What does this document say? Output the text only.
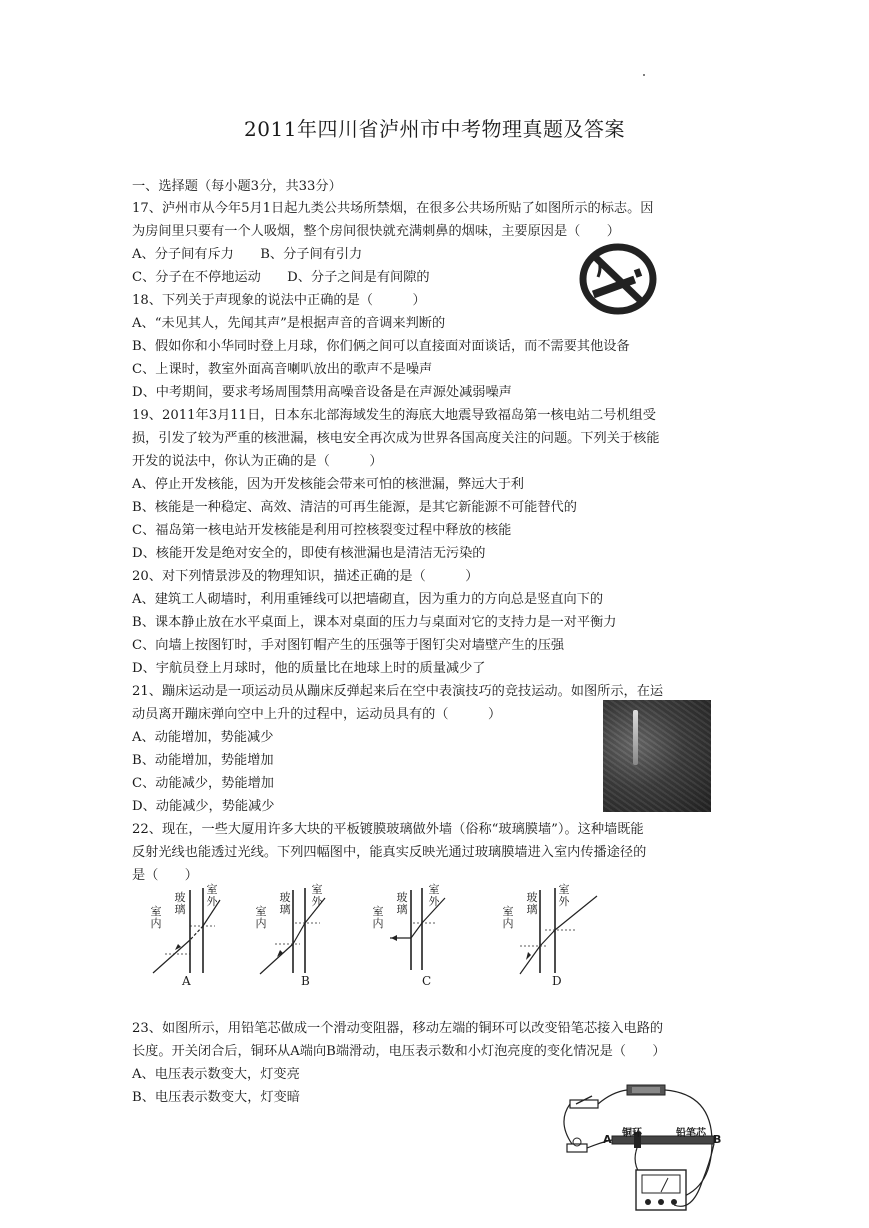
2011年四川省泸州市中考物理真题及答案
一、选择题（每小题3分，共33分）
17、泸州市从今年5月1日起九类公共场所禁烟，在很多公共场所贴了如图所示的标志。因
为房间里只要有一个人吸烟，整个房间很快就充满刺鼻的烟味，主要原因是（　　）
A、分子间有斥力　　B、分子间有引力
C、分子在不停地运动　　D、分子之间是有间隙的
18、下列关于声现象的说法中正确的是（　　　）
A、“未见其人，先闻其声”是根据声音的音调来判断的
B、假如你和小华同时登上月球，你们俩之间可以直接面对面谈话，而不需要其他设备
C、上课时，教室外面高音喇叭放出的歌声不是噪声
D、中考期间，要求考场周围禁用高噪音设备是在声源处减弱噪声
19、2011年3月11日，日本东北部海域发生的海底大地震导致福岛第一核电站二号机组受
损，引发了较为严重的核泄漏，核电安全再次成为世界各国高度关注的问题。下列关于核能
开发的说法中，你认为正确的是（　　　）
A、停止开发核能，因为开发核能会带来可怕的核泄漏，弊远大于利
B、核能是一种稳定、高效、清洁的可再生能源，是其它新能源不可能替代的
C、福岛第一核电站开发核能是利用可控核裂变过程中释放的核能
D、核能开发是绝对安全的，即使有核泄漏也是清洁无污染的
20、对下列情景涉及的物理知识，描述正确的是（　　　）
A、建筑工人砌墙时，利用重锤线可以把墙砌直，因为重力的方向总是竖直向下的
B、课本静止放在水平桌面上，课本对桌面的压力与桌面对它的支持力是一对平衡力
C、向墙上按图钉时，手对图钉帽产生的压强等于图钉尖对墙壁产生的压强
D、宇航员登上月球时，他的质量比在地球上时的质量减少了
21、蹦床运动是一项运动员从蹦床反弹起来后在空中表演技巧的竞技运动。如图所示，在运
动员离开蹦床弹向空中上升的过程中，运动员具有的（　　　）
A、动能增加，势能减少
B、动能增加，势能增加
C、动能减少，势能增加
D、动能减少，势能减少
22、现在，一些大厦用许多大块的平板镀膜玻璃做外墙（俗称“玻璃膜墙”）。这种墙既能
反射光线也能透过光线。下列四幅图中，能真实反映光通过玻璃膜墙进入室内传播途径的
是（　　）
23、如图所示，用铅笔芯做成一个滑动变阻器，移动左端的铜环可以改变铅笔芯接入电路的
长度。开关闭合后，铜环从A端向B端滑动，电压表示数和小灯泡亮度的变化情况是（　　）
A、电压表示数变大，灯变亮
B、电压表示数变大，灯变暗
室内
玻璃
室外
A
室内
玻璃
室外
B
室内
玻璃
室外
C
室内
玻璃
室外
D
A	B
铜环	铅笔芯
